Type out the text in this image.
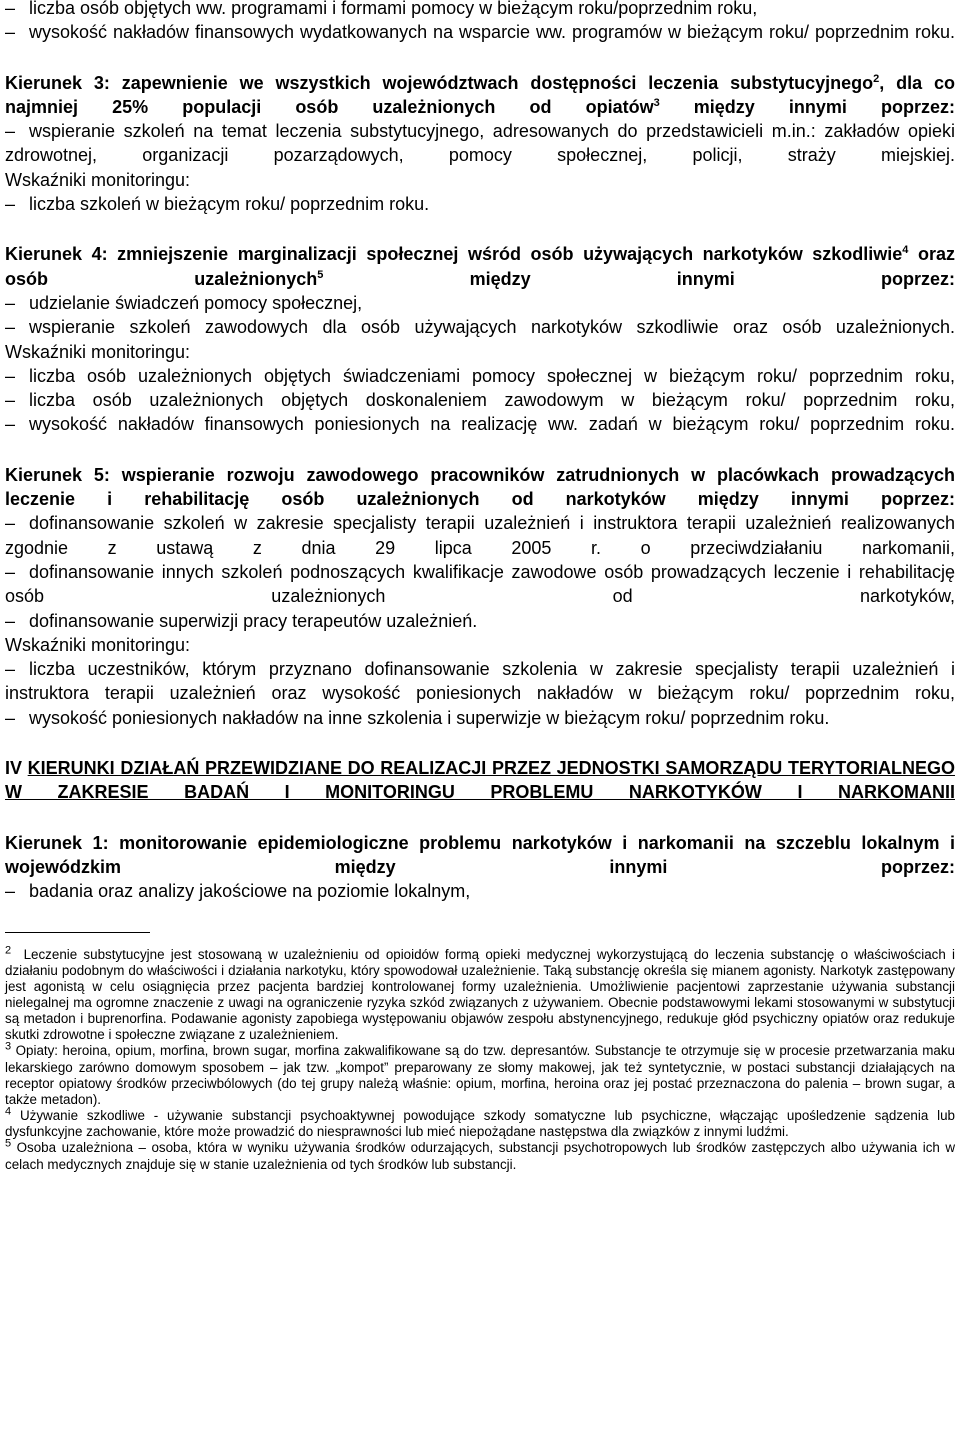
– liczba osób objętych ww. programami i formami pomocy w bieżącym roku/poprzednim roku,
– wysokość nakładów finansowych wydatkowanych na wsparcie ww. programów w bieżącym roku/ poprzednim roku.
Kierunek 3: zapewnienie we wszystkich województwach dostępności leczenia substytucyjnego$^2$, dla co najmniej 25% populacji osób uzależnionych od opiatów$^3$ między innymi poprzez:
– wspieranie szkoleń na temat leczenia substytucyjnego, adresowanych do przedstawicieli m.in.: zakładów opieki zdrowotnej, organizacji pozarządowych, pomocy społecznej, policji, straży miejskiej.
Wskaźniki monitoringu:
– liczba szkoleń w bieżącym roku/ poprzednim roku.
Kierunek 4: zmniejszenie marginalizacji społecznej wśród osób używających narkotyków szkodliwie$^4$ oraz osób uzależnionych$^5$ między innymi poprzez:
– udzielanie świadczeń pomocy społecznej,
– wspieranie szkoleń zawodowych dla osób używających narkotyków szkodliwie oraz osób uzależnionych.
Wskaźniki monitoringu:
– liczba osób uzależnionych objętych świadczeniami pomocy społecznej w bieżącym roku/ poprzednim roku,
– liczba osób uzależnionych objętych doskonaleniem zawodowym w bieżącym roku/ poprzednim roku,
– wysokość nakładów finansowych poniesionych na realizację ww. zadań w bieżącym roku/ poprzednim roku.
Kierunek 5: wspieranie rozwoju zawodowego pracowników zatrudnionych w placówkach prowadzących leczenie i rehabilitację osób uzależnionych od narkotyków między innymi poprzez:
– dofinansowanie szkoleń w zakresie specjalisty terapii uzależnień i instruktora terapii uzależnień realizowanych zgodnie z ustawą z dnia 29 lipca 2005 r. o przeciwdziałaniu narkomanii,
– dofinansowanie innych szkoleń podnoszących kwalifikacje zawodowe osób prowadzących leczenie i rehabilitację osób uzależnionych od narkotyków,
– dofinansowanie superwizji pracy terapeutów uzależnień.
Wskaźniki monitoringu:
– liczba uczestników, którym przyznano dofinansowanie szkolenia w zakresie specjalisty terapii uzależnień i instruktora terapii uzależnień oraz wysokość poniesionych nakładów w bieżącym roku/ poprzednim roku,
– wysokość poniesionych nakładów na inne szkolenia i superwizje w bieżącym roku/ poprzednim roku.
IV KIERUNKI DZIAŁAŃ PRZEWIDZIANE DO REALIZACJI PRZEZ JEDNOSTKI SAMORZĄDU TERYTORIALNEGO W ZAKRESIE BADAŃ I MONITORINGU PROBLEMU NARKOTYKÓW I NARKOMANII
Kierunek 1: monitorowanie epidemiologiczne problemu narkotyków i narkomanii na szczeblu lokalnym i wojewódzkim między innymi poprzez:
– badania oraz analizy jakościowe na poziomie lokalnym,
$^2$ Leczenie substytucyjne jest stosowaną w uzależnieniu od opioidów formą opieki medycznej wykorzystującą do leczenia substancję o właściwościach i działaniu podobnym do właściwości i działania narkotyku, który spowodował uzależnienie. Taką substancję określa się mianem agonisty. Narkotyk zastępowany jest agonistą w celu osiągnięcia przez pacjenta bardziej kontrolowanej formy uzależnienia. Umożliwienie pacjentowi zaprzestanie używania substancji nielegalnej ma ogromne znaczenie z uwagi na ograniczenie ryzyka szkód związanych z używaniem. Obecnie podstawowymi lekami stosowanymi w substytucji są metadon i buprenorfina. Podawanie agonisty zapobiega występowaniu objawów zespołu abstynencyjnego, redukuje głód psychiczny opiatów oraz redukuje skutki zdrowotne i społeczne związane z uzależnieniem.
$^3$ Opiaty: heroina, opium, morfina, brown sugar, morfina zakwalifikowane są do tzw. depresantów. Substancje te otrzymuje się w procesie przetwarzania maku lekarskiego zarówno domowym sposobem – jak tzw. „kompot” preparowany ze słomy makowej, jak też syntetycznie, w postaci substancji działających na receptor opiatowy środków przeciwbólowych (do tej grupy należą właśnie: opium, morfina, heroina oraz jej postać przeznaczona do palenia – brown sugar, a także metadon).
$^4$ Używanie szkodliwe - używanie substancji psychoaktywnej powodujące szkody somatyczne lub psychiczne, włączając upośledzenie sądzenia lub dysfunkcyjne zachowanie, które może prowadzić do niesprawności lub mieć niepożądane następstwa dla związków z innymi ludźmi.
$^5$ Osoba uzależniona – osoba, która w wyniku używania środków odurzających, substancji psychotropowych lub środków zastępczych albo używania ich w celach medycznych znajduje się w stanie uzależnienia od tych środków lub substancji.
